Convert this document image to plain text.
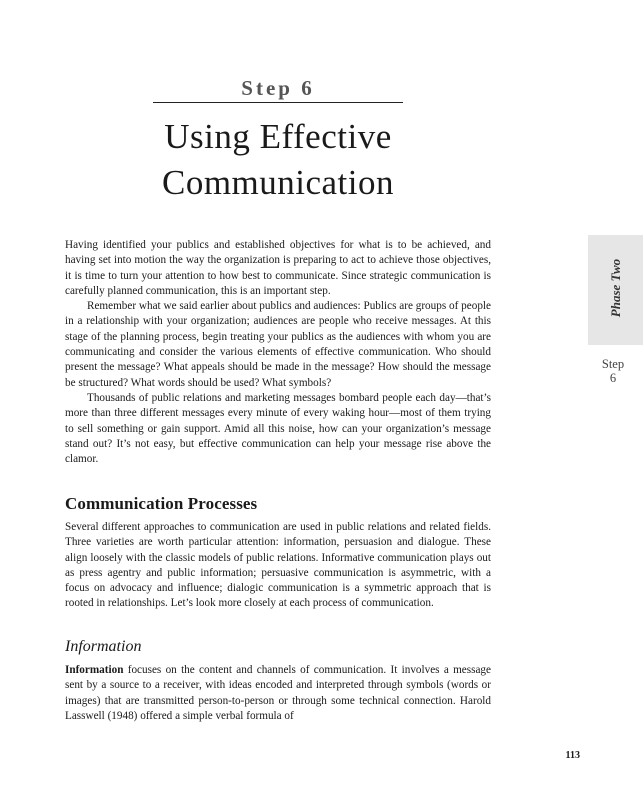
Step 6
Using Effective
Communication

Having identified your publics and established objectives for what is to be achieved, and having set into motion the way the organization is preparing to act to achieve those objectives, it is time to turn your attention to how best to communicate. Since strategic communication is carefully planned communication, this is an important step.

Remember what we said earlier about publics and audiences: Publics are groups of people in a relationship with your organization; audiences are people who receive messages. At this stage of the planning process, begin treating your publics as the audiences with whom you are communicating and consider the various elements of effective communication. Who should present the message? What appeals should be made in the message? How should the message be structured? What words should be used? What symbols?

Thousands of public relations and marketing messages bombard people each day—that’s more than three different messages every minute of every waking hour—most of them trying to sell something or gain support. Amid all this noise, how can your organization’s message stand out? It’s not easy, but effective communication can help your message rise above the clamor.

Communication Processes

Several different approaches to communication are used in public relations and related fields. Three varieties are worth particular attention: information, persuasion and dialogue. These align loosely with the classic models of public relations. Informative communication plays out as press agentry and public information; persuasive communication is asymmetric, with a focus on advocacy and influence; dialogic communication is a symmetric approach that is rooted in relationships. Let’s look more closely at each process of communication.

Information

Information focuses on the content and channels of communication. It involves a message sent by a source to a receiver, with ideas encoded and interpreted through symbols (words or images) that are transmitted person-to-person or through some technical connection. Harold Lasswell (1948) offered a simple verbal formula of

Phase Two
Step
6
113
